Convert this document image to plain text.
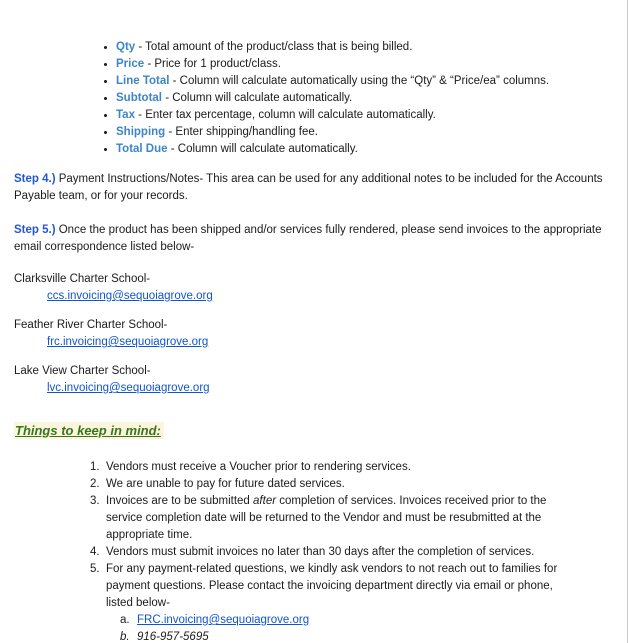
• Qty - Total amount of the product/class that is being billed.
• Price - Price for 1 product/class.
• Line Total - Column will calculate automatically using the “Qty” & “Price/ea” columns.
• Subtotal - Column will calculate automatically.
• Tax - Enter tax percentage, column will calculate automatically.
• Shipping - Enter shipping/handling fee.
• Total Due - Column will calculate automatically.

Step 4.) Payment Instructions/Notes- This area can be used for any additional notes to be included for the Accounts Payable team, or for your records.

Step 5.) Once the product has been shipped and/or services fully rendered, please send invoices to the appropriate email correspondence listed below-

Clarksville Charter School-
ccs.invoicing@sequoiagrove.org
Feather River Charter School-
frc.invoicing@sequoiagrove.org
Lake View Charter School-
lvc.invoicing@sequoiagrove.org
Things to keep in mind:
1. Vendors must receive a Voucher prior to rendering services.
2. We are unable to pay for future dated services.
3. Invoices are to be submitted after completion of services. Invoices received prior to the service completion date will be returned to the Vendor and must be resubmitted at the appropriate time.
4. Vendors must submit invoices no later than 30 days after the completion of services.
5. For any payment-related questions, we kindly ask vendors to not reach out to families for payment questions. Please contact the invoicing department directly via email or phone, listed below-
a. FRC.invoicing@sequoiagrove.org
b. 916-957-5695
